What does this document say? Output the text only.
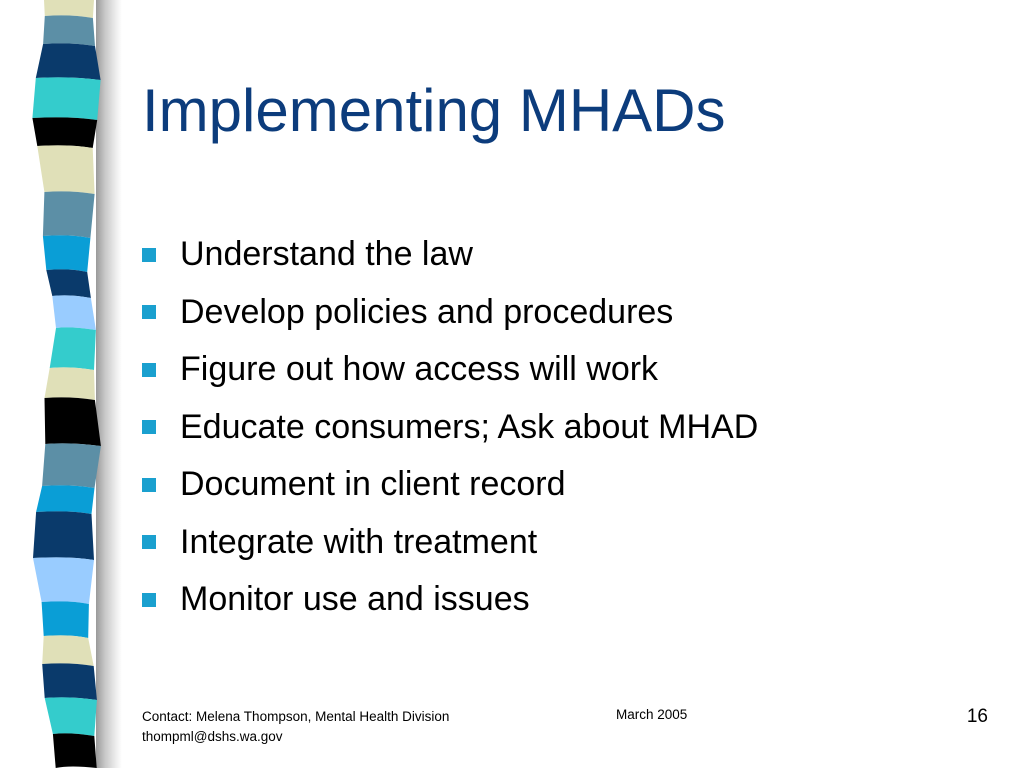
Implementing MHADs
Understand the law
Develop policies and procedures
Figure out how access will work
Educate consumers; Ask about MHAD
Document in client record
Integrate with treatment
Monitor use and issues
Contact: Melena Thompson, Mental Health Division
thompml@dshs.wa.gov
March 2005	16
